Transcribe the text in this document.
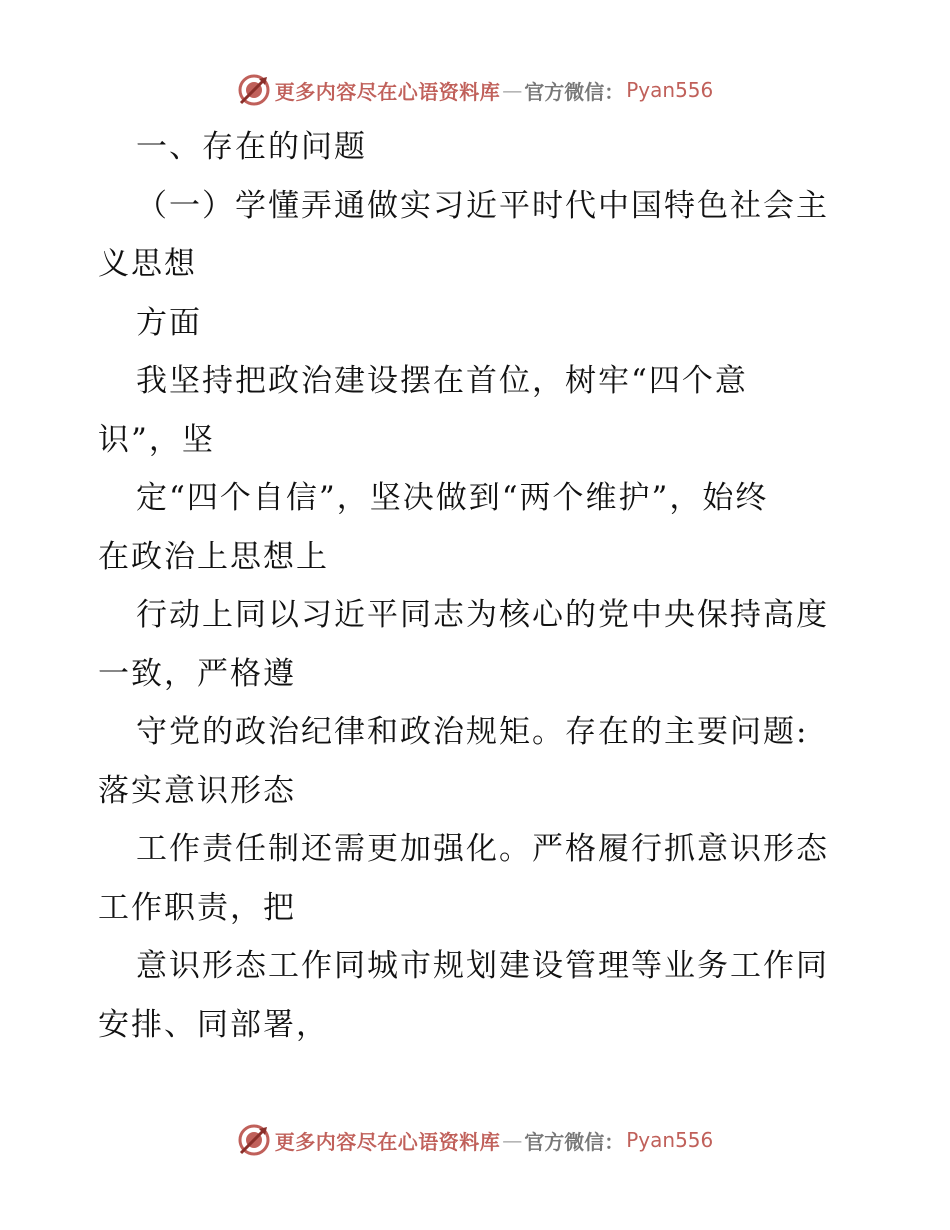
更多内容尽在心语资料库 — 官方微信： Pyan556
一、存在的问题
（一）学懂弄通做实习近平时代中国特色社会主
义思想
方面
我坚持把政治建设摆在首位，树牢“四个意
识”，坚
定“四个自信”，坚决做到“两个维护”，始终
在政治上思想上
行动上同以习近平同志为核心的党中央保持高度
一致，严格遵
守党的政治纪律和政治规矩。存在的主要问题:
落实意识形态
工作责任制还需更加强化。严格履行抓意识形态
工作职责，把
意识形态工作同城市规划建设管理等业务工作同
安排、同部署，
更多内容尽在心语资料库 — 官方微信： Pyan556
